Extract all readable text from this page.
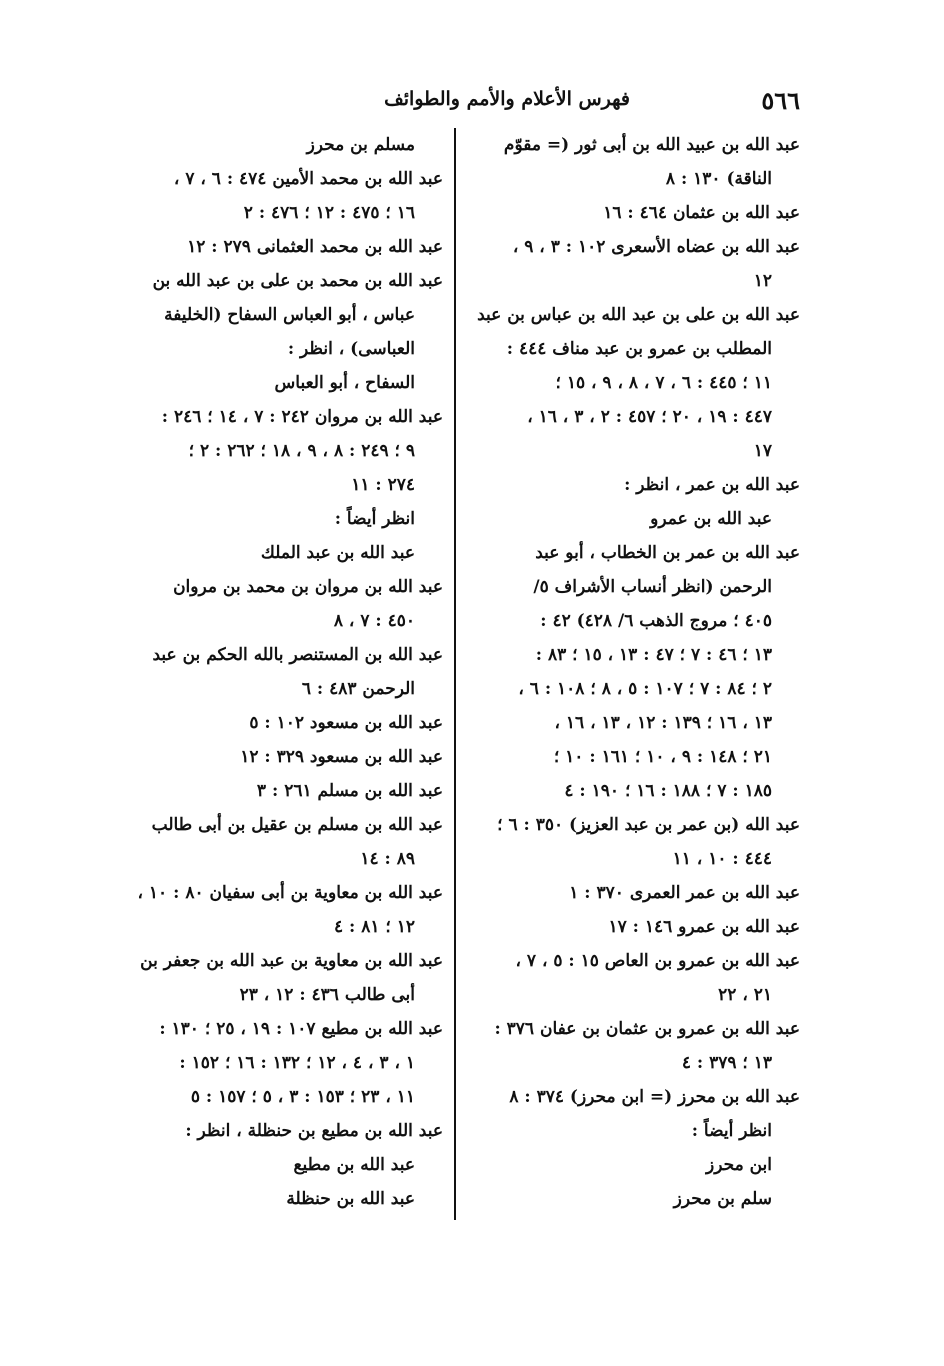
٥٦٦
فهرس الأعلام والأمم والطوائف
عبد الله بن عبيد الله بن أبى ثور (= مقوّم
الناقة) ١٣٠ : ٨
عبد الله بن عثمان ٤٦٤ : ١٦
عبد الله بن عضاه الأسعرى ١٠٢ : ٣ ، ٩ ،
١٢
عبد الله بن على بن عبد الله بن عباس بن عبد
المطلب بن عمرو بن عبد مناف ٤٤٤ :
١١ ؛ ٤٤٥ : ٦ ، ٧ ، ٨ ، ٩ ، ١٥ ؛
٤٤٧ : ١٩ ، ٢٠ ؛ ٤٥٧ : ٢ ، ٣ ، ١٦ ،
١٧
عبد الله بن عمر ، انظر :
عبد الله بن عمرو
عبد الله بن عمر بن الخطاب ، أبو عبد
الرحمن (انظر أنساب الأشراف ٥/
٤٠٥ ؛ مروج الذهب ٦/ ٤٢٨) ٤٢ :
١٣ ؛ ٤٦ : ٧ ؛ ٤٧ : ١٣ ، ١٥ ؛ ٨٣ :
٢ ؛ ٨٤ : ٧ ؛ ١٠٧ : ٥ ، ٨ ؛ ١٠٨ : ٦ ،
١٣ ، ١٦ ؛ ١٣٩ : ١٢ ، ١٣ ، ١٦ ،
٢١ ؛ ١٤٨ : ٩ ، ١٠ ؛ ١٦١ : ١٠ ؛
١٨٥ : ٧ ؛ ١٨٨ : ١٦ ؛ ١٩٠ : ٤
عبد الله (بن عمر بن عبد العزيز) ٣٥٠ : ٦ ؛
٤٤٤ : ١٠ ، ١١
عبد الله بن عمر العمرى ٣٧٠ : ١
عبد الله بن عمرو ١٤٦ : ١٧
عبد الله بن عمرو بن العاص ١٥ : ٥ ، ٧ ،
٢١ ، ٢٢
عبد الله بن عمرو بن عثمان بن عفان ٣٧٦ :
١٣ ؛ ٣٧٩ : ٤
عبد الله بن محرز (= ابن محرز) ٣٧٤ : ٨
انظر أيضاً :
ابن محرز
سلم بن محرز
مسلم بن محرز
عبد الله بن محمد الأمين ٤٧٤ : ٦ ، ٧ ،
١٦ ؛ ٤٧٥ : ١٢ ؛ ٤٧٦ : ٢
عبد الله بن محمد العثمانى ٢٧٩ : ١٢
عبد الله بن محمد بن على بن عبد الله بن
عباس ، أبو العباس السفاح (الخليفة
العباسى) ، انظر :
السفاح ، أبو العباس
عبد الله بن مروان ٢٤٢ : ٧ ، ١٤ ؛ ٢٤٦ :
٩ ؛ ٢٤٩ : ٨ ، ٩ ، ١٨ ؛ ٢٦٢ : ٢ ؛
٢٧٤ : ١١
انظر أيضاً :
عبد الله بن عبد الملك
عبد الله بن مروان بن محمد بن مروان
٤٥٠ : ٧ ، ٨
عبد الله بن المستنصر بالله الحكم بن عبد
الرحمن ٤٨٣ : ٦
عبد الله بن مسعود ١٠٢ : ٥
عبد الله بن مسعود ٣٢٩ : ١٢
عبد الله بن مسلم ٢٦١ : ٣
عبد الله بن مسلم بن عقيل بن أبى طالب
٨٩ : ١٤
عبد الله بن معاوية بن أبى سفيان ٨٠ : ١٠ ،
١٢ ؛ ٨١ : ٤
عبد الله بن معاوية بن عبد الله بن جعفر بن
أبى طالب ٤٣٦ : ١٢ ، ٢٣
عبد الله بن مطيع ١٠٧ : ١٩ ، ٢٥ ؛ ١٣٠ :
١ ، ٣ ، ٤ ، ١٢ ؛ ١٣٢ : ١٦ ؛ ١٥٢ :
١١ ، ٢٣ ؛ ١٥٣ : ٣ ، ٥ ؛ ١٥٧ : ٥
عبد الله بن مطيع بن حنظلة ، انظر :
عبد الله بن مطيع
عبد الله بن حنظلة
